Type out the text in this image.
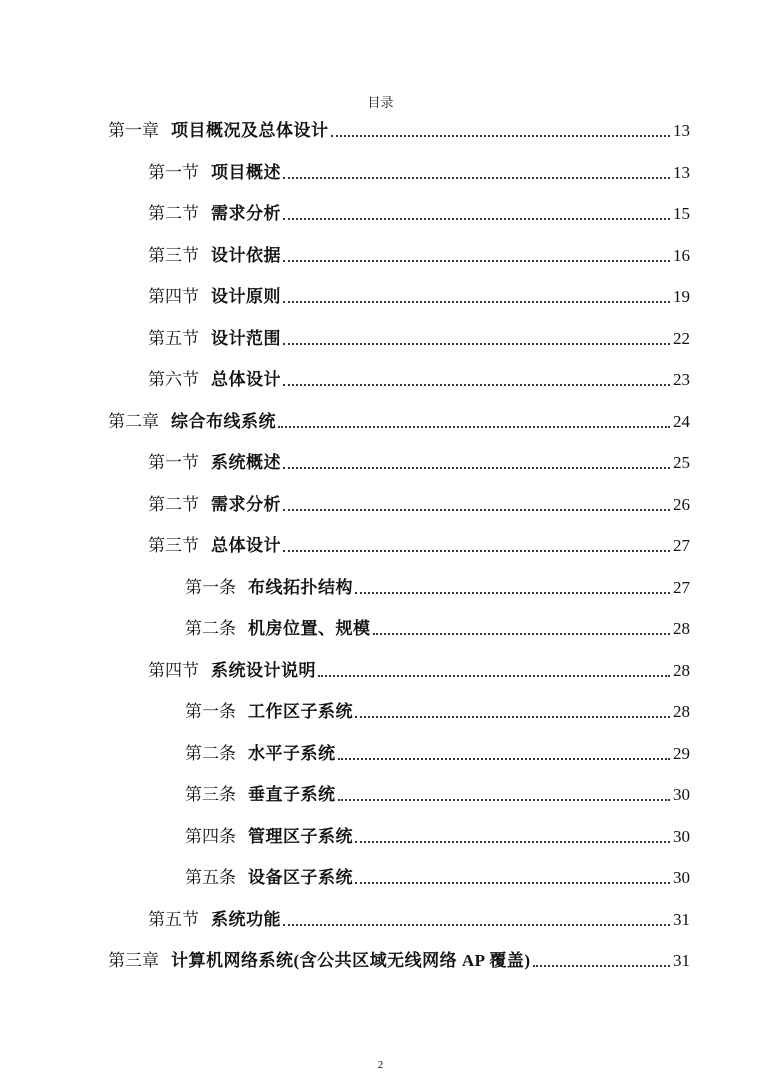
目录
第一章 项目概况及总体设计	13
第一节 项目概述	13
第二节 需求分析	15
第三节 设计依据	16
第四节 设计原则	19
第五节 设计范围	22
第六节 总体设计	23
第二章 综合布线系统	24
第一节 系统概述	25
第二节 需求分析	26
第三节 总体设计	27
第一条 布线拓扑结构	27
第二条 机房位置、规模	28
第四节 系统设计说明	28
第一条 工作区子系统	28
第二条 水平子系统	29
第三条 垂直子系统	30
第四条 管理区子系统	30
第五条 设备区子系统	30
第五节 系统功能	31
第三章 计算机网络系统(含公共区域无线网络 AP 覆盖)	31
2
